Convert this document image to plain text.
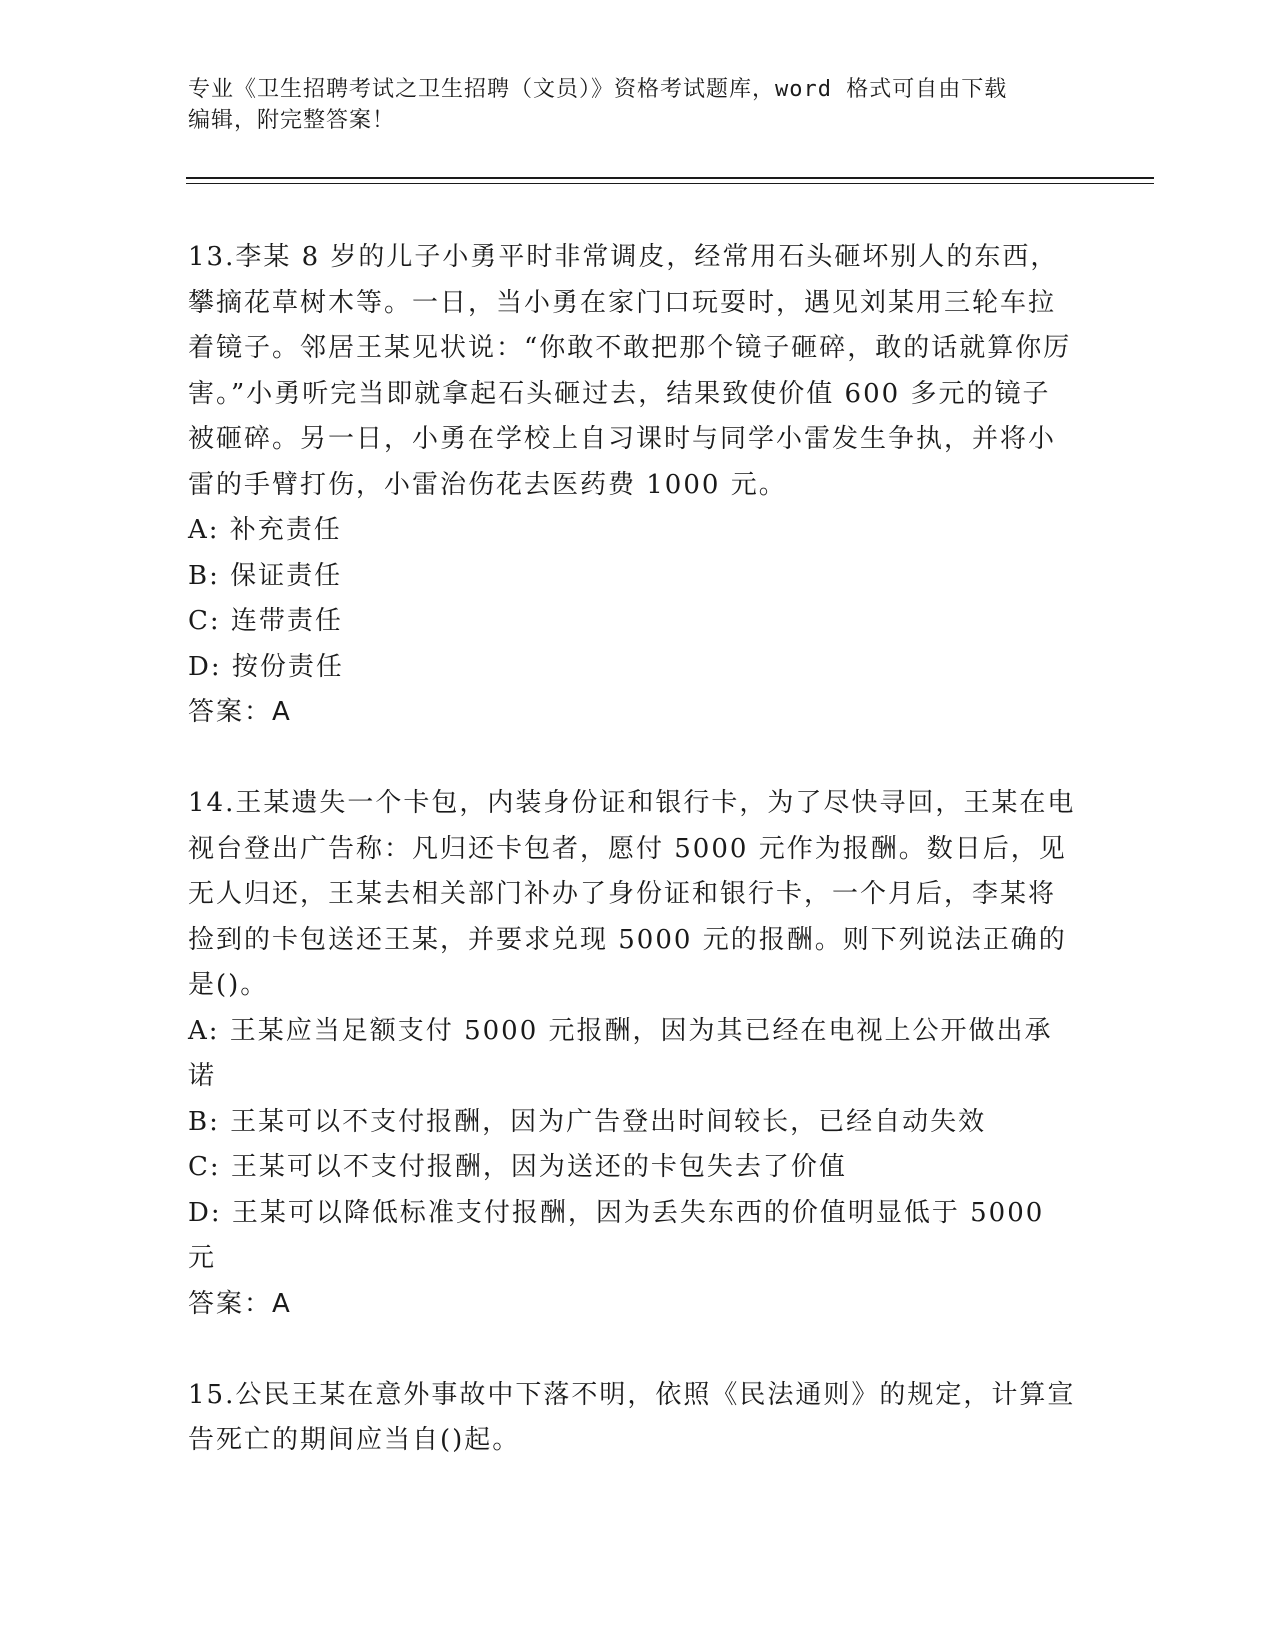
专业《卫生招聘考试之卫生招聘（文员）》资格考试题库，word 格式可自由下载
编辑，附完整答案！

13.李某 8 岁的儿子小勇平时非常调皮，经常用石头砸坏别人的东西，攀摘花草树木等。一日，当小勇在家门口玩耍时，遇见刘某用三轮车拉着镜子。邻居王某见状说：“你敢不敢把那个镜子砸碎，敢的话就算你厉害。”小勇听完当即就拿起石头砸过去，结果致使价值 600 多元的镜子被砸碎。另一日，小勇在学校上自习课时与同学小雷发生争执，并将小雷的手臂打伤，小雷治伤花去医药费 1000 元。

A: 补充责任

B: 保证责任

C: 连带责任

D: 按份责任

答案：A

14.王某遗失一个卡包，内装身份证和银行卡，为了尽快寻回，王某在电视台登出广告称：凡归还卡包者，愿付 5000 元作为报酬。数日后，见无人归还，王某去相关部门补办了身份证和银行卡，一个月后，李某将捡到的卡包送还王某，并要求兑现 5000 元的报酬。则下列说法正确的是()。

A: 王某应当足额支付 5000 元报酬，因为其已经在电视上公开做出承诺

B: 王某可以不支付报酬，因为广告登出时间较长，已经自动失效

C: 王某可以不支付报酬，因为送还的卡包失去了价值

D: 王某可以降低标准支付报酬，因为丢失东西的价值明显低于 5000 元

答案：A

15.公民王某在意外事故中下落不明，依照《民法通则》的规定，计算宣告死亡的期间应当自()起。
